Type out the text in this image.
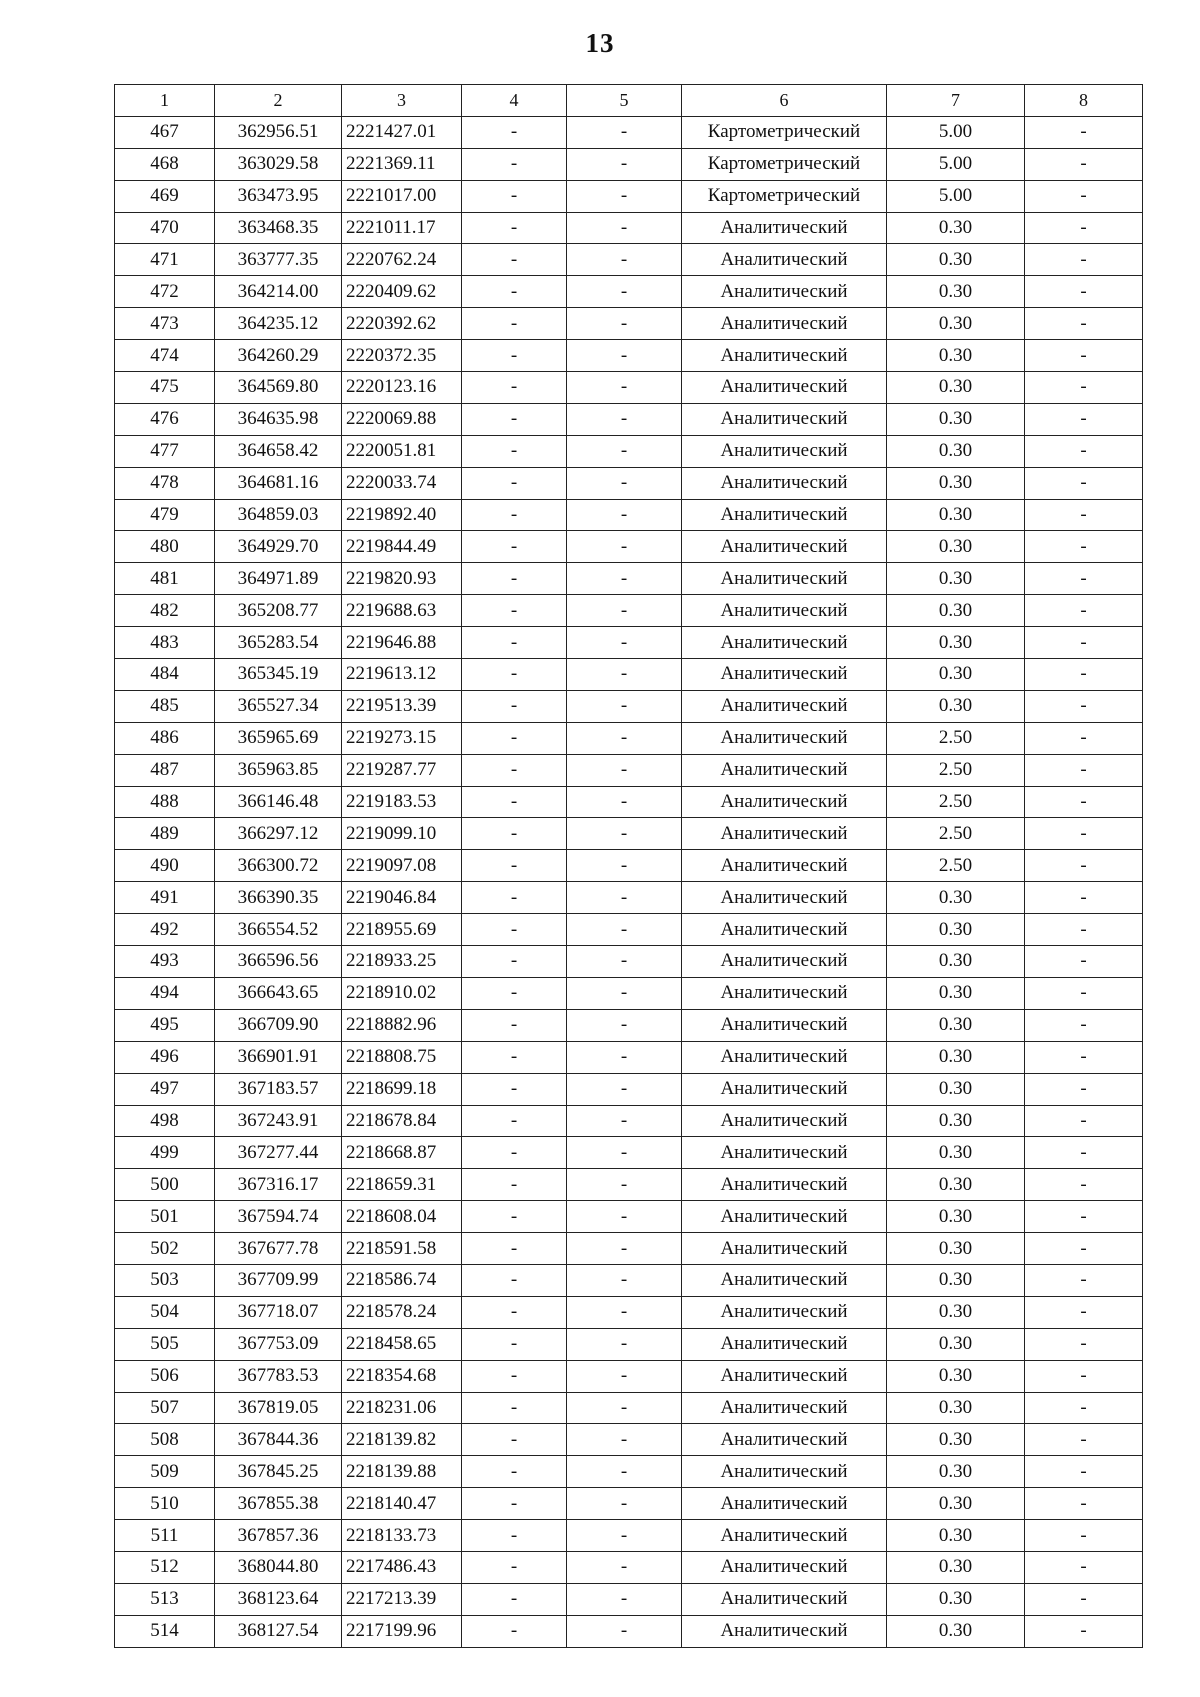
13
1	2	3	4	5	6	7	8
467	362956.51	2221427.01	-	-	Картометрический	5.00	-
468	363029.58	2221369.11	-	-	Картометрический	5.00	-
469	363473.95	2221017.00	-	-	Картометрический	5.00	-
470	363468.35	2221011.17	-	-	Аналитический	0.30	-
471	363777.35	2220762.24	-	-	Аналитический	0.30	-
472	364214.00	2220409.62	-	-	Аналитический	0.30	-
473	364235.12	2220392.62	-	-	Аналитический	0.30	-
474	364260.29	2220372.35	-	-	Аналитический	0.30	-
475	364569.80	2220123.16	-	-	Аналитический	0.30	-
476	364635.98	2220069.88	-	-	Аналитический	0.30	-
477	364658.42	2220051.81	-	-	Аналитический	0.30	-
478	364681.16	2220033.74	-	-	Аналитический	0.30	-
479	364859.03	2219892.40	-	-	Аналитический	0.30	-
480	364929.70	2219844.49	-	-	Аналитический	0.30	-
481	364971.89	2219820.93	-	-	Аналитический	0.30	-
482	365208.77	2219688.63	-	-	Аналитический	0.30	-
483	365283.54	2219646.88	-	-	Аналитический	0.30	-
484	365345.19	2219613.12	-	-	Аналитический	0.30	-
485	365527.34	2219513.39	-	-	Аналитический	0.30	-
486	365965.69	2219273.15	-	-	Аналитический	2.50	-
487	365963.85	2219287.77	-	-	Аналитический	2.50	-
488	366146.48	2219183.53	-	-	Аналитический	2.50	-
489	366297.12	2219099.10	-	-	Аналитический	2.50	-
490	366300.72	2219097.08	-	-	Аналитический	2.50	-
491	366390.35	2219046.84	-	-	Аналитический	0.30	-
492	366554.52	2218955.69	-	-	Аналитический	0.30	-
493	366596.56	2218933.25	-	-	Аналитический	0.30	-
494	366643.65	2218910.02	-	-	Аналитический	0.30	-
495	366709.90	2218882.96	-	-	Аналитический	0.30	-
496	366901.91	2218808.75	-	-	Аналитический	0.30	-
497	367183.57	2218699.18	-	-	Аналитический	0.30	-
498	367243.91	2218678.84	-	-	Аналитический	0.30	-
499	367277.44	2218668.87	-	-	Аналитический	0.30	-
500	367316.17	2218659.31	-	-	Аналитический	0.30	-
501	367594.74	2218608.04	-	-	Аналитический	0.30	-
502	367677.78	2218591.58	-	-	Аналитический	0.30	-
503	367709.99	2218586.74	-	-	Аналитический	0.30	-
504	367718.07	2218578.24	-	-	Аналитический	0.30	-
505	367753.09	2218458.65	-	-	Аналитический	0.30	-
506	367783.53	2218354.68	-	-	Аналитический	0.30	-
507	367819.05	2218231.06	-	-	Аналитический	0.30	-
508	367844.36	2218139.82	-	-	Аналитический	0.30	-
509	367845.25	2218139.88	-	-	Аналитический	0.30	-
510	367855.38	2218140.47	-	-	Аналитический	0.30	-
511	367857.36	2218133.73	-	-	Аналитический	0.30	-
512	368044.80	2217486.43	-	-	Аналитический	0.30	-
513	368123.64	2217213.39	-	-	Аналитический	0.30	-
514	368127.54	2217199.96	-	-	Аналитический	0.30	-
